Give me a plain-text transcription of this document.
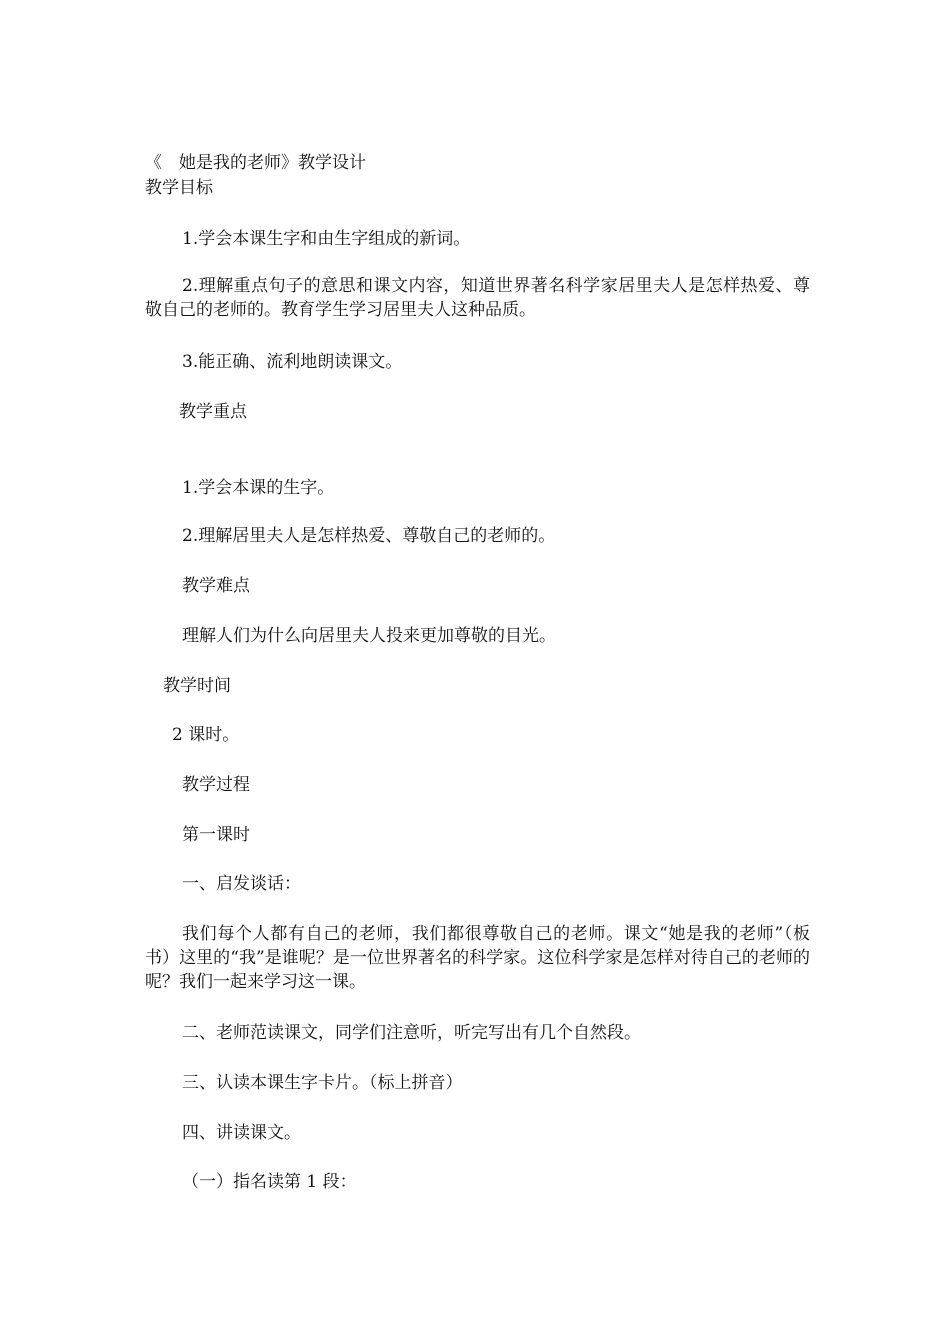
《　她是我的老师》教学设计
教学目标
1.学会本课生字和由生字组成的新词。
2.理解重点句子的意思和课文内容，知道世界著名科学家居里夫人是怎样热爱、尊敬自己的老师的。教育学生学习居里夫人这种品质。
3.能正确、流利地朗读课文。
教学重点
1.学会本课的生字。
2.理解居里夫人是怎样热爱、尊敬自己的老师的。
教学难点
理解人们为什么向居里夫人投来更加尊敬的目光。
教学时间
2 课时。
教学过程
第一课时
一、启发谈话：
我们每个人都有自己的老师，我们都很尊敬自己的老师。课文“她是我的老师”（板书）这里的“我”是谁呢？是一位世界著名的科学家。这位科学家是怎样对待自己的老师的呢？我们一起来学习这一课。
二、老师范读课文，同学们注意听，听完写出有几个自然段。
三、认读本课生字卡片。（标上拼音）
四、讲读课文。
（一）指名读第 1 段：
